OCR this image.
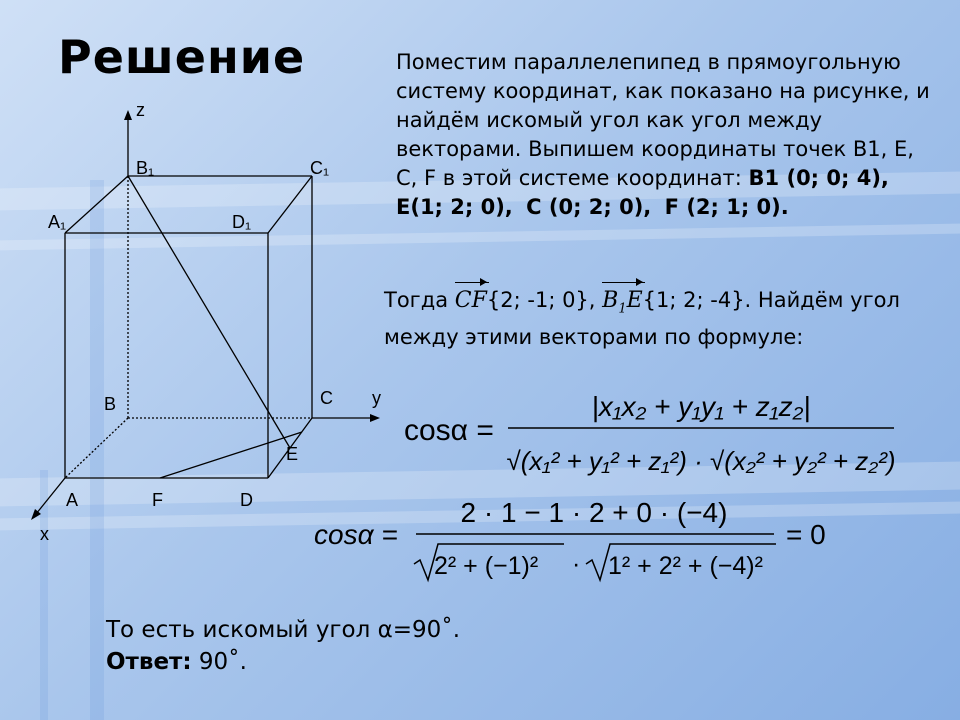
Решение	Поместим параллелепипед в прямоугольную систему координат, как показано на рисунке, и найдём искомый угол как угол между векторами. Выпишем координаты точек B1, E, C, F в этой системе координат: B1 (0; 0; 4), E(1; 2; 0), C (0; 2; 0), F (2; 1; 0).
Тогда CF{2; -1; 0}, $B_1E\{1$; 2; -4}. Найдём угол между этими векторами по формуле:
cosα =
|x₁x₂ + y₁y₁ + z₁z₂|
√(x₁² + y₁² + z₁²) · √(x₂² + y₂² + z₂²)
cosα =
2 · 1 − 1 · 2 + 0 · (−4)
2² + (−1)² · 1² + 2² + (−4)²
= 0
z
y
x
B₁	C₁
A₁	D₁
B	C
E
A	F	D
То есть искомый угол α=90˚.
Ответ: 90˚.
